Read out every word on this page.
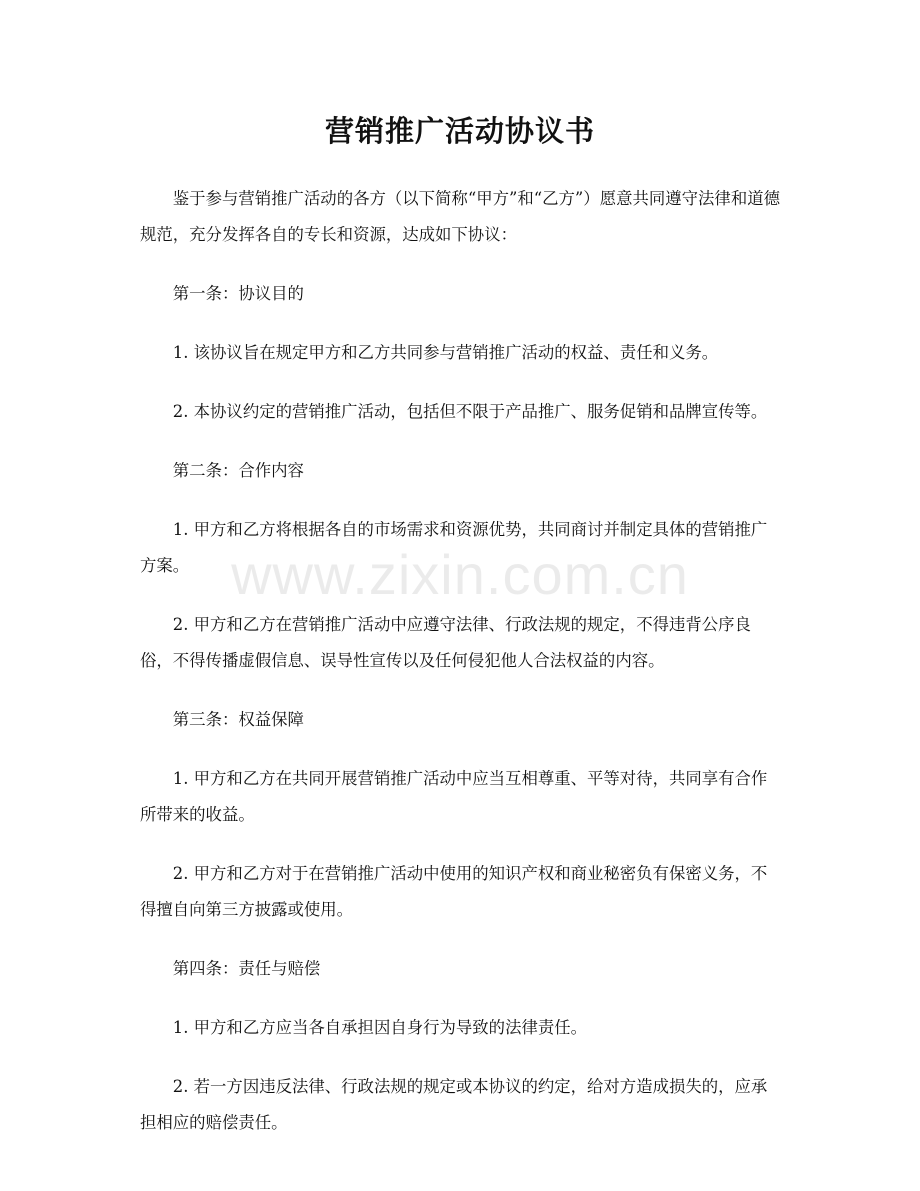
营销推广活动协议书

鉴于参与营销推广活动的各方（以下简称“甲方”和“乙方”）愿意共同遵守法律和道德规范，充分发挥各自的专长和资源，达成如下协议：

第一条：协议目的

1. 该协议旨在规定甲方和乙方共同参与营销推广活动的权益、责任和义务。

2. 本协议约定的营销推广活动，包括但不限于产品推广、服务促销和品牌宣传等。

第二条：合作内容

1. 甲方和乙方将根据各自的市场需求和资源优势，共同商讨并制定具体的营销推广方案。

2. 甲方和乙方在营销推广活动中应遵守法律、行政法规的规定，不得违背公序良俗，不得传播虚假信息、误导性宣传以及任何侵犯他人合法权益的内容。

第三条：权益保障

1. 甲方和乙方在共同开展营销推广活动中应当互相尊重、平等对待，共同享有合作所带来的收益。

2. 甲方和乙方对于在营销推广活动中使用的知识产权和商业秘密负有保密义务，不得擅自向第三方披露或使用。

第四条：责任与赔偿

1. 甲方和乙方应当各自承担因自身行为导致的法律责任。

2. 若一方因违反法律、行政法规的规定或本协议的约定，给对方造成损失的，应承担相应的赔偿责任。

www.zixin.com.cn
